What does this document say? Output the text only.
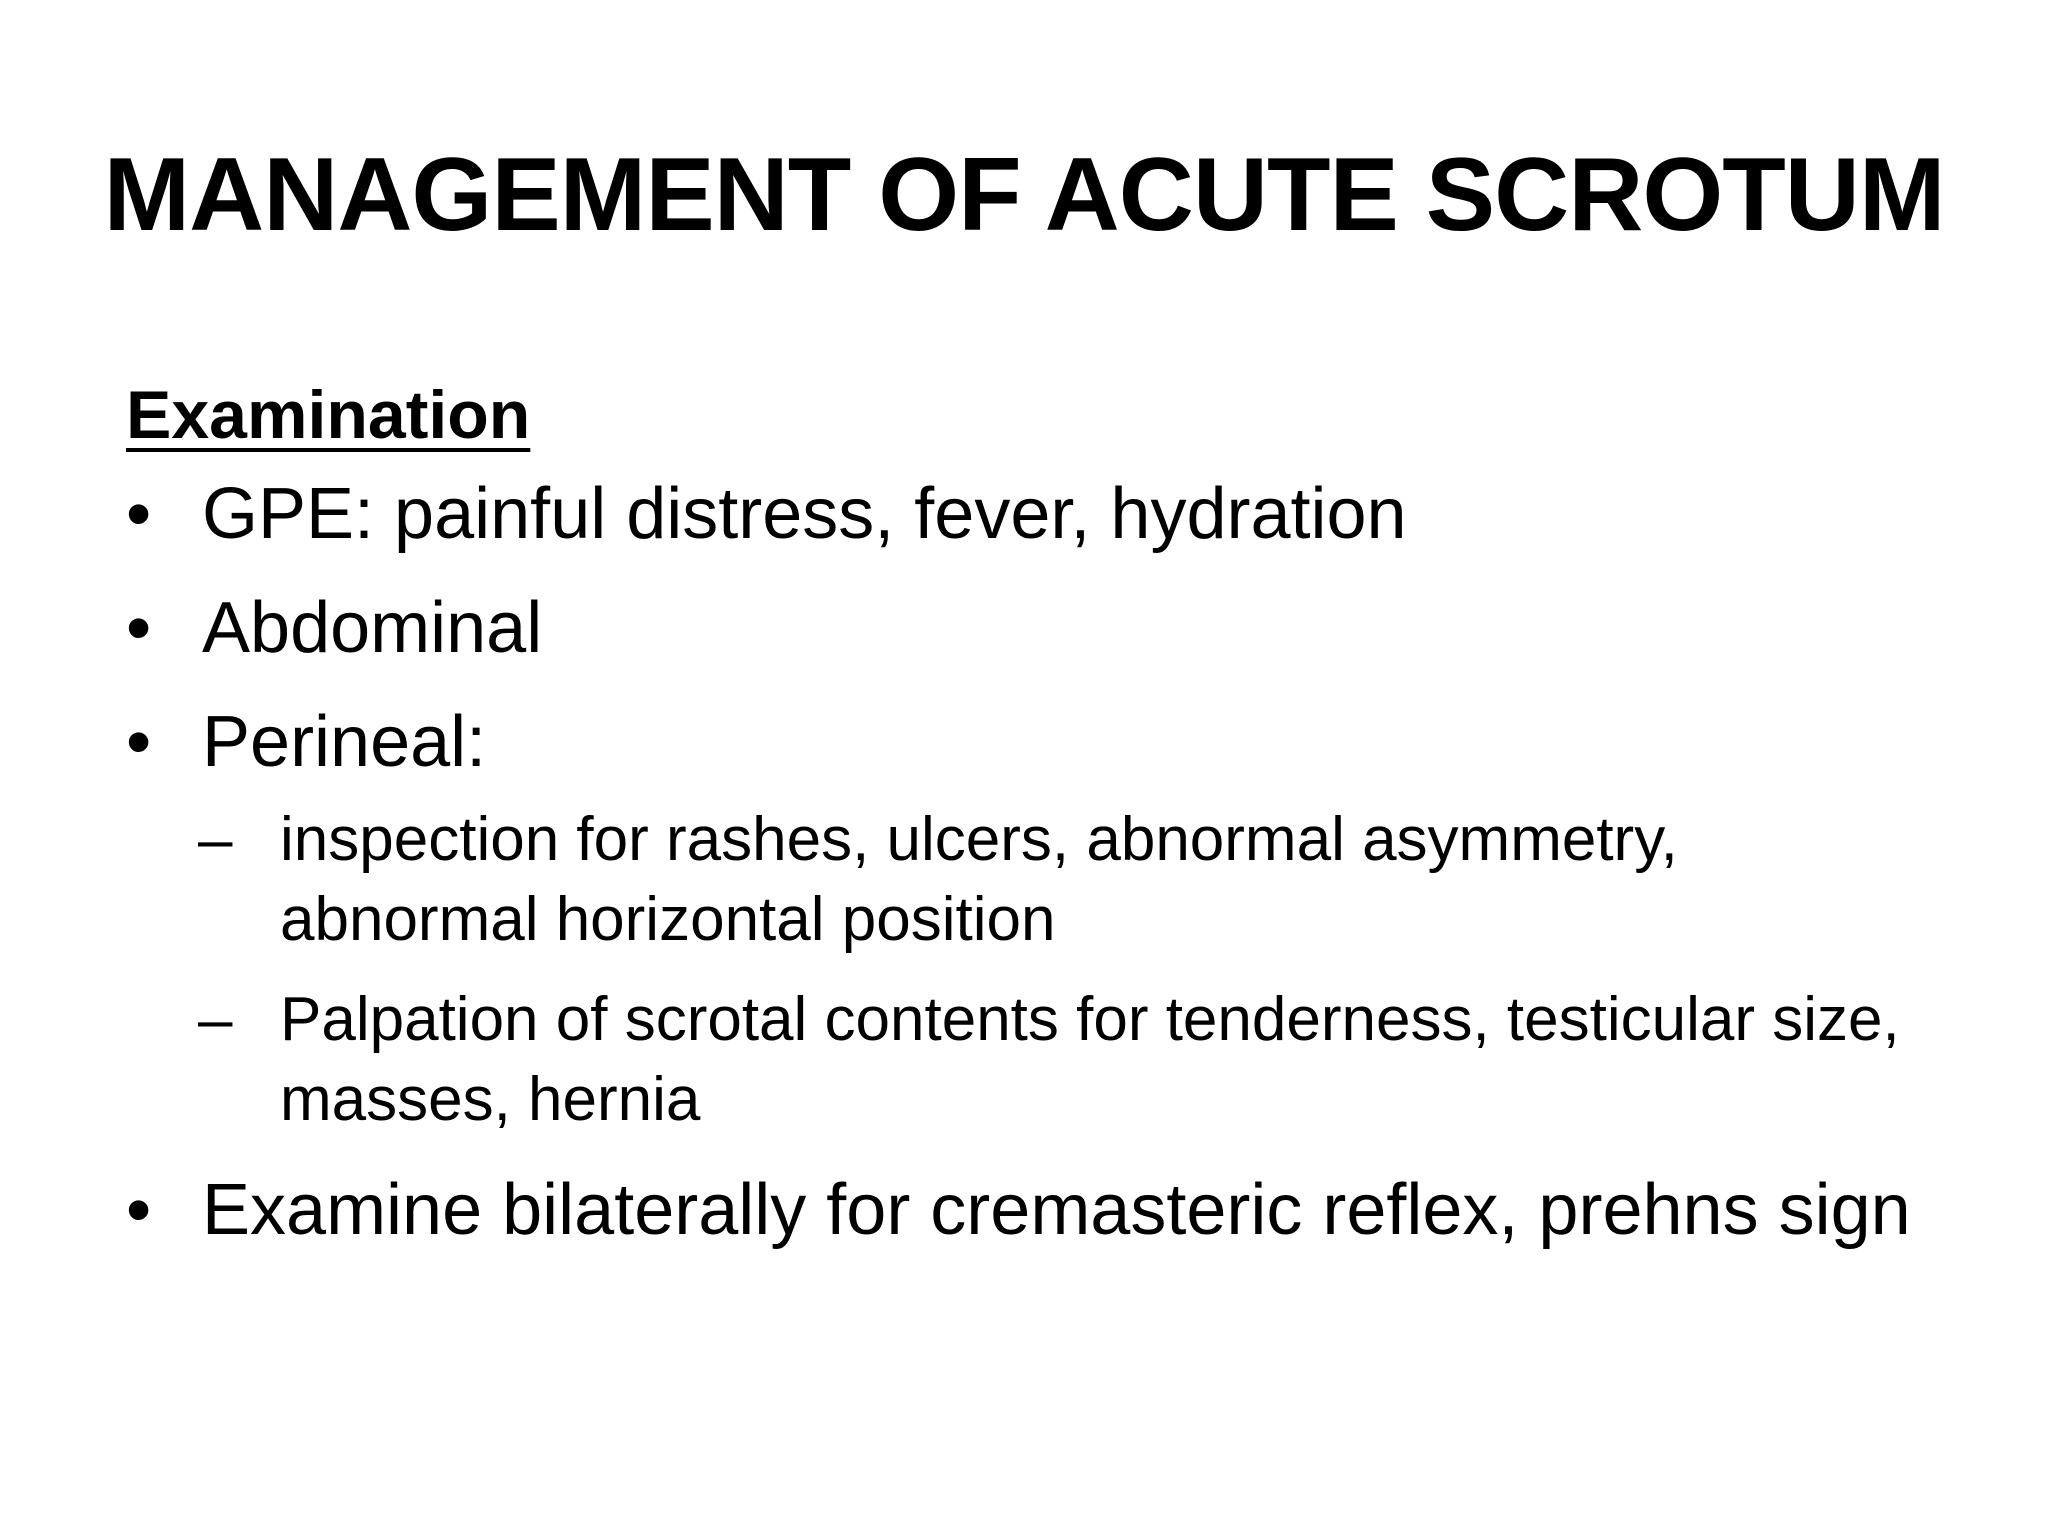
MANAGEMENT OF ACUTE SCROTUM
Examination
• GPE: painful distress, fever, hydration
• Abdominal
• Perineal:
– inspection for rashes, ulcers, abnormal asymmetry, abnormal horizontal position
– Palpation of scrotal contents for tenderness, testicular size, masses, hernia
• Examine bilaterally for cremasteric reflex, prehns sign
